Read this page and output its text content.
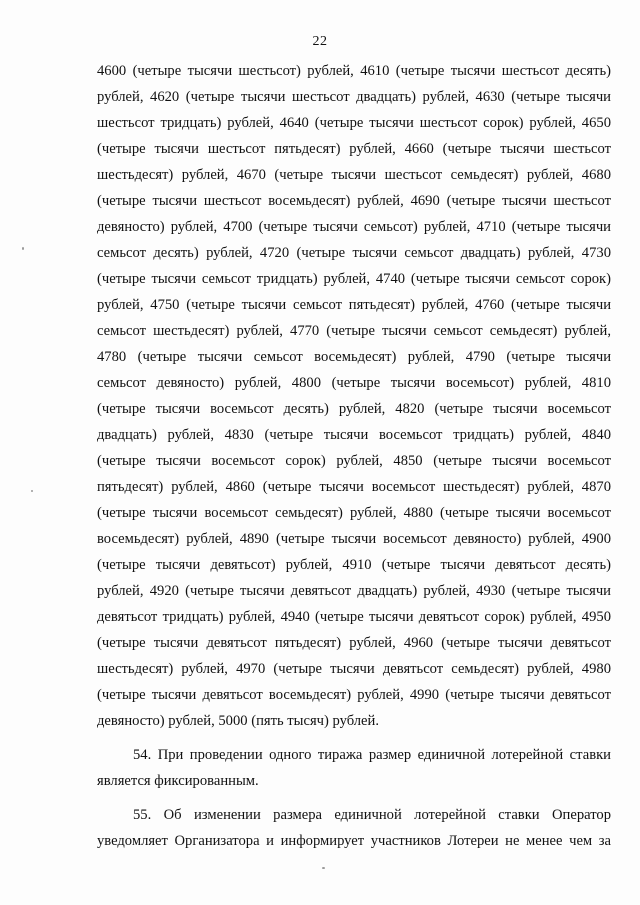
22
4600 (четыре тысячи шестьсот) рублей, 4610 (четыре тысячи шестьсот десять)
рублей, 4620 (четыре тысячи шестьсот двадцать) рублей, 4630 (четыре тысячи
шестьсот тридцать) рублей, 4640 (четыре тысячи шестьсот сорок) рублей, 4650
(четыре тысячи шестьсот пятьдесят) рублей, 4660 (четыре тысячи шестьсот
шестьдесят) рублей, 4670 (четыре тысячи шестьсот семьдесят) рублей, 4680
(четыре тысячи шестьсот восемьдесят) рублей, 4690 (четыре тысячи шестьсот
девяносто) рублей, 4700 (четыре тысячи семьсот) рублей, 4710 (четыре тысячи
семьсот десять) рублей, 4720 (четыре тысячи семьсот двадцать) рублей, 4730
(четыре тысячи семьсот тридцать) рублей, 4740 (четыре тысячи семьсот сорок)
рублей, 4750 (четыре тысячи семьсот пятьдесят) рублей, 4760 (четыре тысячи
семьсот шестьдесят) рублей, 4770 (четыре тысячи семьсот семьдесят) рублей,
4780 (четыре тысячи семьсот восемьдесят) рублей, 4790 (четыре тысячи
семьсот девяносто) рублей, 4800 (четыре тысячи восемьсот) рублей, 4810
(четыре тысячи восемьсот десять) рублей, 4820 (четыре тысячи восемьсот
двадцать) рублей, 4830 (четыре тысячи восемьсот тридцать) рублей, 4840
(четыре тысячи восемьсот сорок) рублей, 4850 (четыре тысячи восемьсот
пятьдесят) рублей, 4860 (четыре тысячи восемьсот шестьдесят) рублей, 4870
(четыре тысячи восемьсот семьдесят) рублей, 4880 (четыре тысячи восемьсот
восемьдесят) рублей, 4890 (четыре тысячи восемьсот девяносто) рублей, 4900
(четыре тысячи девятьсот) рублей, 4910 (четыре тысячи девятьсот десять)
рублей, 4920 (четыре тысячи девятьсот двадцать) рублей, 4930 (четыре тысячи
девятьсот тридцать) рублей, 4940 (четыре тысячи девятьсот сорок) рублей, 4950
(четыре тысячи девятьсот пятьдесят) рублей, 4960 (четыре тысячи девятьсот
шестьдесят) рублей, 4970 (четыре тысячи девятьсот семьдесят) рублей, 4980
(четыре тысячи девятьсот восемьдесят) рублей, 4990 (четыре тысячи девятьсот
девяносто) рублей, 5000 (пять тысяч) рублей.
54. При проведении одного тиража размер единичной лотерейной ставки
является фиксированным.
55. Об изменении размера единичной лотерейной ставки Оператор
уведомляет Организатора и информирует участников Лотереи не менее чем за
